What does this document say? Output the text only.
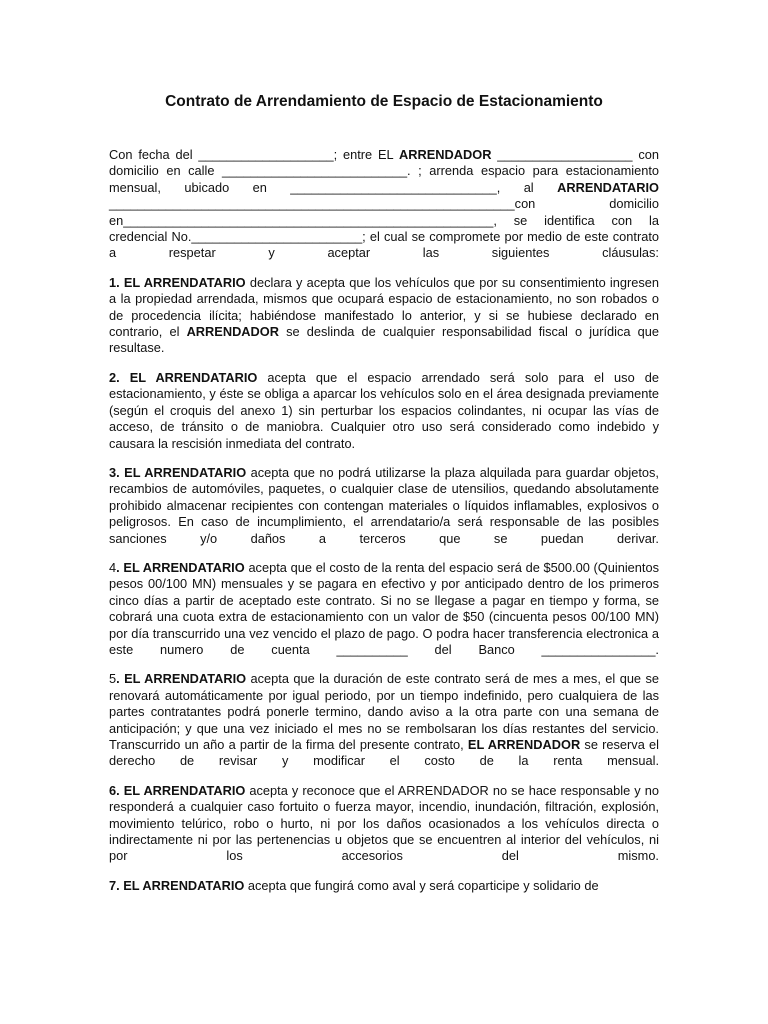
Contrato de Arrendamiento de Espacio de Estacionamiento

Con fecha del ___________________; entre EL ARRENDADOR ___________________ con domicilio en calle __________________________. ; arrenda espacio para estacionamiento mensual, ubicado en _____________________________, al ARRENDATARIO _________________________________________________________con domicilio en____________________________________________________, se identifica con la credencial No.________________________; el cual se compromete por medio de este contrato a respetar y aceptar las siguientes cláusulas:

1. EL ARRENDATARIO declara y acepta que los vehículos que por su consentimiento ingresen a la propiedad arrendada, mismos que ocupará espacio de estacionamiento, no son robados o de procedencia ilícita; habiéndose manifestado lo anterior, y si se hubiese declarado en contrario, el ARRENDADOR se deslinda de cualquier responsabilidad fiscal o jurídica que resultase.

2. EL ARRENDATARIO acepta que el espacio arrendado será solo para el uso de estacionamiento, y éste se obliga a aparcar los vehículos solo en el área designada previamente (según el croquis del anexo 1) sin perturbar los espacios colindantes, ni ocupar las vías de acceso, de tránsito o de maniobra. Cualquier otro uso será considerado como indebido y causara la rescisión inmediata del contrato.

3. EL ARRENDATARIO acepta que no podrá utilizarse la plaza alquilada para guardar objetos, recambios de automóviles, paquetes, o cualquier clase de utensilios, quedando absolutamente prohibido almacenar recipientes con contengan materiales o líquidos inflamables, explosivos o peligrosos. En caso de incumplimiento, el arrendatario/a será responsable de las posibles sanciones y/o daños a terceros que se puedan derivar.

4. EL ARRENDATARIO acepta que el costo de la renta del espacio será de $500.00 (Quinientos pesos 00/100 MN) mensuales y se pagara en efectivo y por anticipado dentro de los primeros cinco días a partir de aceptado este contrato. Si no se llegase a pagar en tiempo y forma, se cobrará una cuota extra de estacionamiento con un valor de $50 (cincuenta pesos 00/100 MN) por día transcurrido una vez vencido el plazo de pago. O podra hacer transferencia electronica a este numero de cuenta __________ del Banco ________________.

5. EL ARRENDATARIO acepta que la duración de este contrato será de mes a mes, el que se renovará automáticamente por igual periodo, por un tiempo indefinido, pero cualquiera de las partes contratantes podrá ponerle termino, dando aviso a la otra parte con una semana de anticipación; y que una vez iniciado el mes no se rembolsaran los días restantes del servicio. Transcurrido un año a partir de la firma del presente contrato, EL ARRENDADOR se reserva el derecho de revisar y modificar el costo de la renta mensual.

6. EL ARRENDATARIO acepta y reconoce que el ARRENDADOR no se hace responsable y no responderá a cualquier caso fortuito o fuerza mayor, incendio, inundación, filtración, explosión, movimiento telúrico, robo o hurto, ni por los daños ocasionados a los vehículos directa o indirectamente ni por las pertenencias u objetos que se encuentren al interior del vehículos, ni por los accesorios del mismo.

7. EL ARRENDATARIO acepta que fungirá como aval y será coparticipe y solidario de
